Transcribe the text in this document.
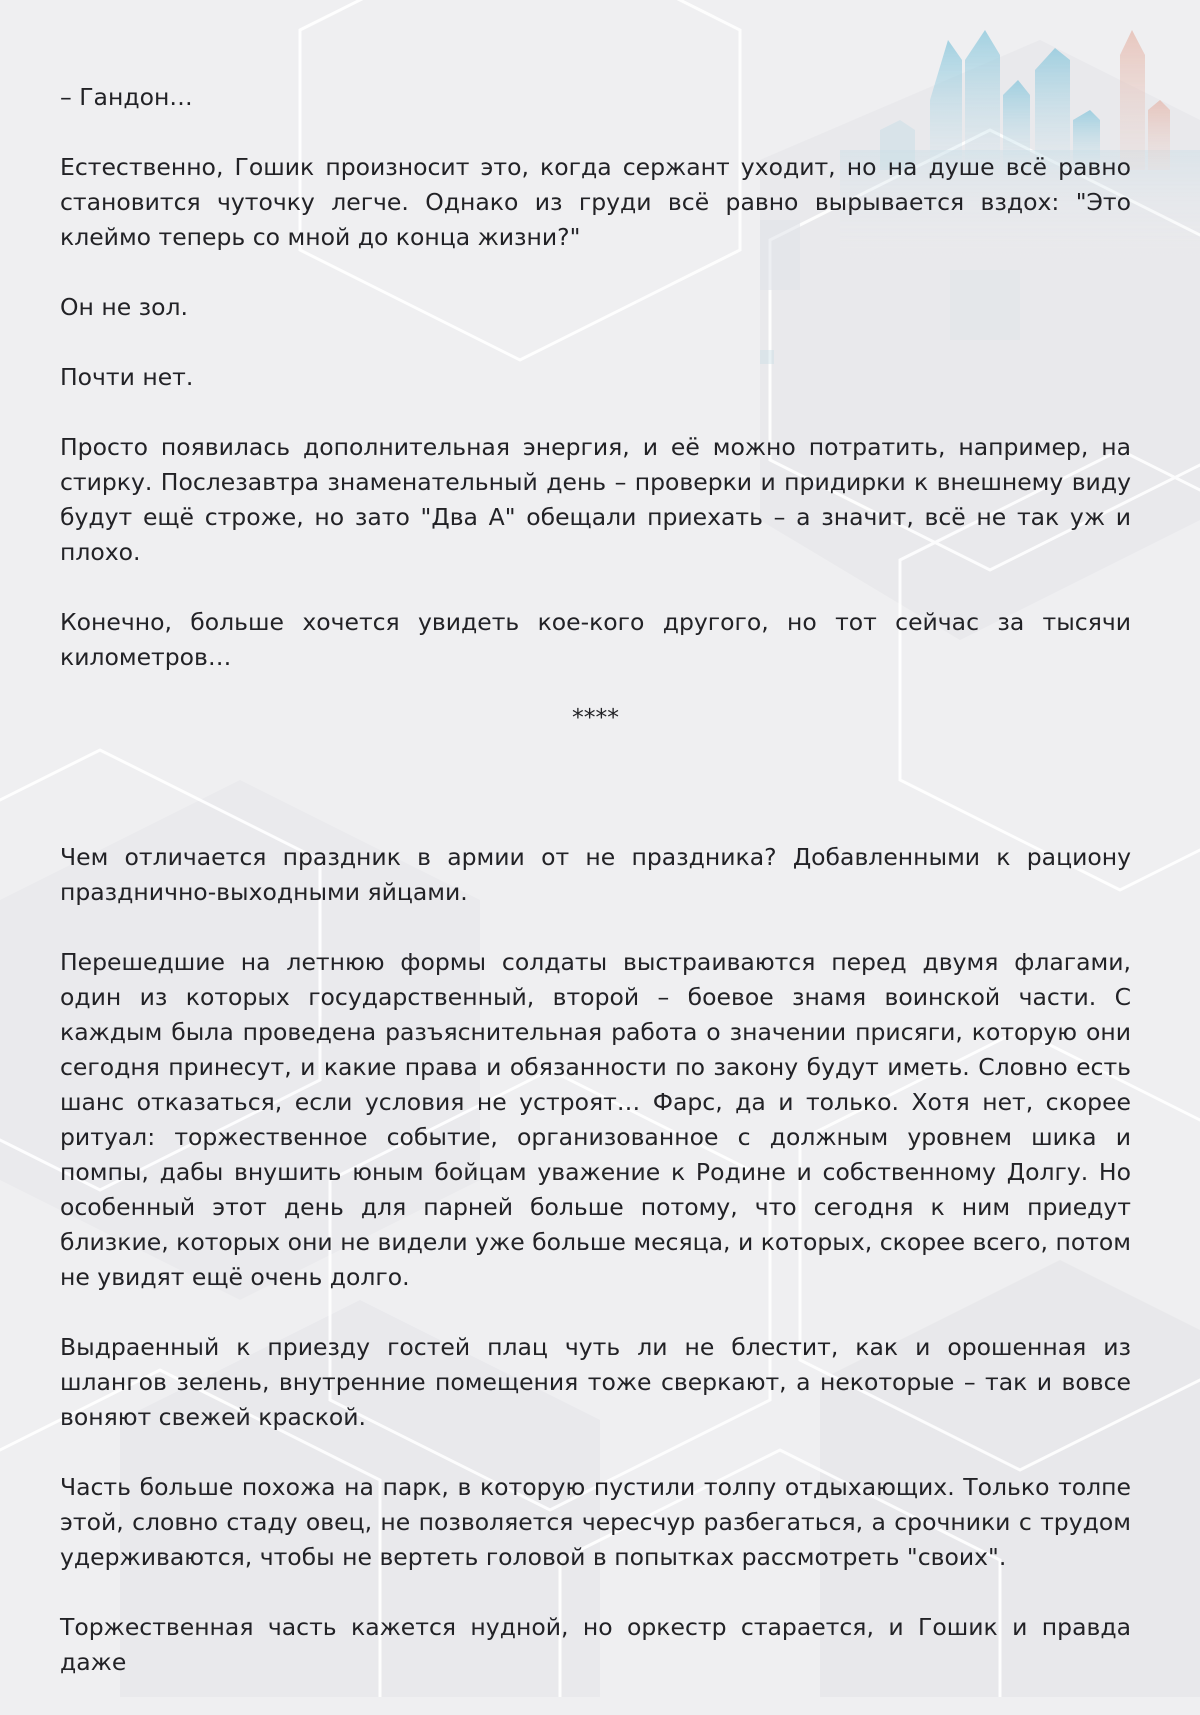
– Гандон…

Естественно, Гошик произносит это, когда сержант уходит, но на душе всё равно становится чуточку легче. Однако из груди всё равно вырывается вздох: "Это клеймо теперь со мной до конца жизни?"

Он не зол.

Почти нет.

Просто появилась дополнительная энергия, и её можно потратить, например, на стирку. Послезавтра знаменательный день – проверки и придирки к внешнему виду будут ещё строже, но зато "Два А" обещали приехать – а значит, всё не так уж и плохо.

Конечно, больше хочется увидеть кое-кого другого, но тот сейчас за тысячи километров…

****

Чем отличается праздник в армии от не праздника? Добавленными к рациону празднично-выходными яйцами.

Перешедшие на летнюю формы солдаты выстраиваются перед двумя флагами, один из которых государственный, второй – боевое знамя воинской части. С каждым была проведена разъяснительная работа о значении присяги, которую они сегодня принесут, и какие права и обязанности по закону будут иметь. Словно есть шанс отказаться, если условия не устроят… Фарс, да и только. Хотя нет, скорее ритуал: торжественное событие, организованное с должным уровнем шика и помпы, дабы внушить юным бойцам уважение к Родине и собственному Долгу. Но особенный этот день для парней больше потому, что сегодня к ним приедут близкие, которых они не видели уже больше месяца, и которых, скорее всего, потом не увидят ещё очень долго.

Выдраенный к приезду гостей плац чуть ли не блестит, как и орошенная из шлангов зелень, внутренние помещения тоже сверкают, а некоторые – так и вовсе воняют свежей краской.

Часть больше похожа на парк, в которую пустили толпу отдыхающих. Только толпе этой, словно стаду овец, не позволяется чересчур разбегаться, а срочники с трудом удерживаются, чтобы не вертеть головой в попытках рассмотреть "своих".

Торжественная часть кажется нудной, но оркестр старается, и Гошик и правда даже
